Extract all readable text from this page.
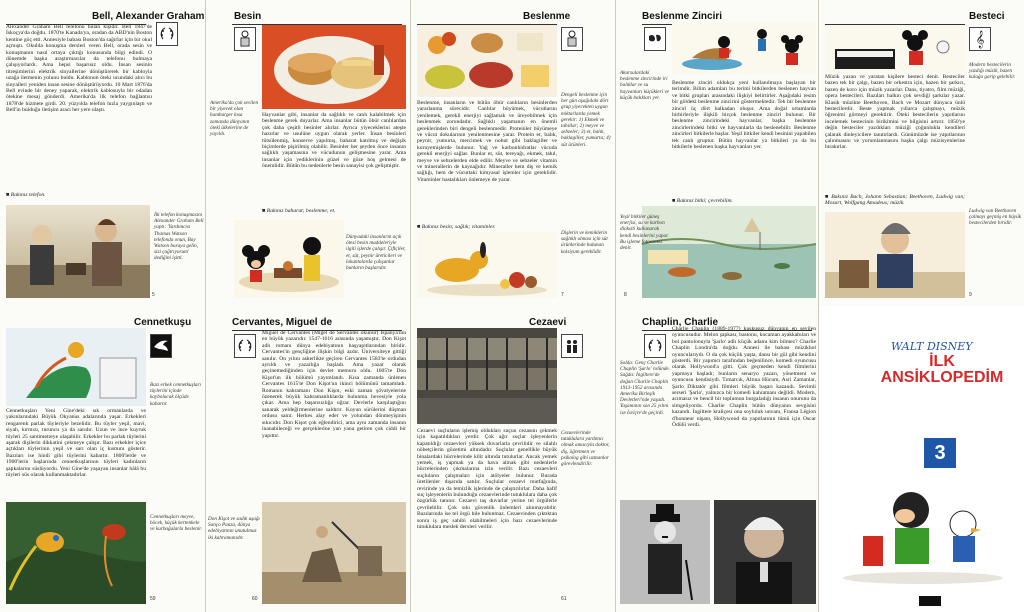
Bell, Alexander Graham
Alexander Graham Bell telefonu bulan kişidir. Bell 1847'de İskoçya'da doğdu. 1870'te Kanada'ya, oradan da ABD'nin Boston kentine göç etti. Annesiyle babası Boston'da sağırlar için bir okul açmıştı. Okulda konuşma dersleri veren Bell, orada sesin ve konuşmanın nasıl ortaya çıktığı konusunda bilgi edindi. O dönemde başka araştırmacılar da telefonu bulmaya çalışıyorlardı. Ama hepsi başarısız oldu. İnsan sesinin titreşimlerini elektrik sinyallerine dönüştürerek bir kabloyla uzağa iletmenin yolunu buldu. Kablonun öteki ucundaki alıcı bu sinyalleri yeniden insan sesine dönüştürüyordu. 10 Mart 1876'da Bell evinde bir deney yaparak, elektrik kablosuyla bir odadan ötekine mesaj gönderdi. Amerika'da ilk telefon bağlantısı 1878'de hizmete girdi. 20. yüzyılda telefon hızla yaygınlaştı ve Bell'in bulduğu iletişim aracı her yere ulaştı.
■ Bakınız telefon.
İlk telefon konuşmasını Alexander Graham Bell yaptı: 'Yardımcısı Thomas Watson telefonda onun, Bay Watson buraya gelin, sizi çağırıyorum' dediğini işitti.
5
Besin
Amerika'da çok sevilen bir yiyecek olan hamburger kısa zamanda dünyanın öteki ülkelerine de yayıldı.
Hayvanlar gibi, insanlar da sağlıklı ve canlı kalabilmek için beslenme gerek duyarlar. Ama insanlar bütün öbür canlılardan çok daha çeşitli besinler alırlar. Ayrıca yiyeceklerini ateşte hazırlar ve usulüne uygun olarak yerler. İnsan besinleri tütsülenmiş, konserve yapılmış, baharat katılmış ve değişik biçimlerde pişirilmiş olabilir. Besinler her şeyden önce insanın sağlıklı yaşamasına ve vücudunun gelişmesine yarar. Ama insanlar için yediklerinin güzel ve göze hoş gelmesi de önemlidir. Bütün bu nedenlerle besin sanayisi çok gelişmiştir.
■ Bakınız baharat; beslenme; et.
Dünyadaki insanların açık ötesi besin maddeleriyle ilgili işlerde çalışır. Çiftçiler, et, süt, peynir üreticileri ve lokantalarda çalışanlar bunların başlarıdır.
Beslenme
Dengeli beslenme için her gün aşağıdaki dört grup yiyecekten uygun miktarlarda yemek gerekir: 1) Ekmek ve tahıllar; 2) meyve ve sebzeler; 3) et, balık, baklagiller, yumurta; 4) süt ürünleri.
Beslenme, insanların ve bütün öbür canlıların besinlerden yararlanma sürecidir. Canlılar büyümek, vücutlarını yenilemek, gerekli enerjiyi sağlamak ve üreyebilmek için beslenmek zorundadır. Sağlıklı yaşamanın en önemli gereklerinden biri dengeli beslenmedir. Proteinler büyümeye ve vücut dokularının yenilenmesine yarar. Protein et, balık, peynir, yumurta, mercimek ve nohut gibi baklagiller ve kuruyemişlerde bulunur. Yağ ve karbonhidratlar vücuda gerekli enerjiyi sağlar. Bunlar et, süt, tereyağı, ekmek, tahıl, meyve ve sebzelerden elde edilir. Meyve ve sebzeler vitamin ve minerallerin de kaynağıdır. Mineraller hem diş ve kemik sağlığı, hem de vücuttaki kimyasal işlemler için gereklidir. Vitaminler hastalıkları önlemeye de yarar.
■ Bakınız besin; sağlık; vitaminler.
Dişlerin ve kemiklerin sağlıklı olması için süt ürünlerinde bulunan kalsiyum gereklidir.
7
Beslenme Zinciri
Akarsulardaki beslenme zincirinde iri balıklar ve su hayvanları küçükleri ve küçük balıkları yer.
Beslenme zinciri oldukça yeni kullanılmaya başlayan bir terimdir. Bilim adamları bu terimi bitkilerden beslenen hayvan ve bitki grupları arasındaki ilişkiyi belirtirler. Aşağıdaki resim bir göldeki beslenme zincirini göstermektedir. Tek bir beslenme zinciri üç dört halkadan oluşur. Ama doğal ortamlarda birbirleriyle ilişkili birçok beslenme zinciri bulunur. Bir beslenme zincirindeki hayvanlar, başka beslenme zincirlerindeki bitki ve hayvanlarla da beslenebilir. Beslenme zincirleri bitkilerle başlar. Yeşil bitkiler kendi besinini yapabilen tek canlı gruptur. Bütün hayvanlar ya bitkileri ya da bu bitkilerle beslenen başka hayvanları yer.
■ Bakınız bitki; çevrebilim.
Yeşil bitkiler güneş enerjisi, su ve karbon dioksiti kullanarak kendi besinlerini yapar. Bu işleme fotosentez denir.
8
Besteci
𝄞
Modern bestecilerin yazdığı müzik, bazen kulağa garip gelebilir.
Müzik yazan ve yaratan kişilere besteci denir. Besteciler bazen tek bir çalgı, bazen bir orkestra için, bazen bir şarkıcı, bazen de koro için müzik yazarlar. Dans, tiyatro, film müziği, opera bestecileri. Bazıları halkın çok sevdiği şarkılar yazar. Klasik müzikte Beethoven, Bach ve Mozart dünyaca ünlü bestecilerdir. Beste yapmak yıllarca çalışmayı, müzik öğrenimi görmeyi gerektirir. Öteki bestecilerin yapıtlarını incelemek bestecinin birikimini ve bilgisini artırır. 1850'ye değin besteciler yazdıkları müziği çoğunlukla kendileri çalarak dinleyicilere tanıtırlardı. Günümüzde ise yapıtlarının çalınmasını ve yorumlanmasını başka çalgı müzisyenlerine bırakırlar.
■ Bakınız Bach, Johann Sebastian; Beethoven, Ludwig van; Mozart, Wolfgang Amadeus; müzik.
Ludwig van Beethoven çalmayı geçmiş en büyük bestecilerden biridir.
9
Cennetkuşu
Bazı erkek cennetkuşları tüylerini içinde kaybolacak ölçüde kabartır.
Cennetkuşları Yeni Gine'deki sık ormanlarda ve yakınlarındaki Büyük Okyanus adalarında yaşar. Erkekleri rengarenk parlak tüyleriyle bezelidir. Bu tüyler yeşil, mavi, siyah, kırmızı, turuncu ya da sarıdır. Uzun ve ince kuyruk tüyleri 25 santimetreye ulaşabilir. Erkekler bu parlak tüylerini aşarak dişilerin dikkatini çekmeye çalışır. Bazı erkekler içice açtıkları tüylerinin yeşil ve sarı olan iç kısmını gösterir. Bazıları ise hindi gibi tüylerini kabartır. 1800'lerde ve 1900'lerin başlarında cennetkuşlarının tüyleri kadınların şapkalarını süslüyordu. Yeni Gine'de yaşayan insanlar hâlâ bu tüyleri süs olarak kullanmaktadırlar.
Cennetkuşları meyve, böcek, küçük kertenkele ve kurbağalarla beslenir.
59
Cervantes, Miguel de
Miguel de Cervantes (Migel de Servantes okunur) İspanya'nın en büyük yazarıdır. 1547-1616 arasında yaşamıştır. Don Kişot adlı romanı dünya edebiyatının başyapıtlarından biridir. Cervantes'in gençliğine ilişkin bilgi azdır. Üniversiteye gittiği sanılır. On yılını askerlikte geçiren Cervantes 1583'te ordudan ayrıldı ve yazarlığa başladı. Ama yazar olarak geçinemediğinden için devlet memuru oldu. 1605'te Don Kişot'un ilk bölümü yayımlandı. Kısa zamanda ünlenen Cervantes 1615'te Don Kişot'un ikinci bölümünü tamamladı. Romanın kahramanı Don Kişot, eski zaman şövalyelerine özenerek büyük kahramanlıklarda bulunma hevesiyle yola çıkar. Ama hep başarısızlığa uğrar. Devlerle karşılaştığını sanarak yeldeğirmenlerine saldırır. Koyun sürülerini düşman ordusu sanır. Herkes alay eder ve yolundan dönmeyişinin sıkıcıdır. Don Kişot çok eğlendirici, ama aynı zamanda insanın inanabileceği ve gerçeklerine yan yana getiren çok ciddi bir yapıttır.
Don Kişot ve sadık uşağı Sanço Panza, dünya edebiyatının unutulmaz iki kahramanıdır.
60
Cezaevi
Cezaevi suçluların işlemiş oldukları suçun cezasını çekmek için kapatıldıkları yerdir. Çok ağır suçlar işleyenlerin kapatıldığı cezaevleri yüksek duvarlarla çevrilidir ve silahlı nöbetçilerin gözetimi altındadır. Suçlular genellikle büyük binalardaki hücrelerinde kilit altında tutulurlar. Ancak yemek yemek, iş yapmak ya da hava almak gibi nedenlerle hücrelerinden çıkmalarına izin verilir. Bazı cezaevleri suçluların çalışmaları için atölyeler bulunur. Burada üretilenler dışarıda satılır. Suçlular cezaevi mutfağında, revirinde ya da temizlik işlerinde de çalıştırılırlar. Daha hafif suç işleyenlerin bulunduğu cezaevlerinde tutuklulara daha çok özgürlük tanınır. Cezaevi taş duvarlar yerine tel örgülerle çevrilebilir. Çok sıkı güvenlik önlemleri alınmayabilir. Bazılarında ise tel örgü bile bulunmaz. Cezaevinden çıktıktan sonra iş geç sahibi olabilmeleri için bazı cezaevlerinde tutuklulara meslek dersleri verilir.
Cezaevlerinde tutuklulara yardımcı olmak amacıyla doktor, diş, öğretmen ve psikolog gibi uzmanlar görevlendirilir.
61
Chaplin, Charlie
Charlie Chaplin (1889-1977) kuşkusuz dünyanın en sevilen oyuncusudur. Melon şapkası, bastonu, kocaman ayakkabıları ve bol pantolonuyla 'Şarlo' adlı küçük adamı kim bilmez? Charlie Chaplin Londra'da doğdu. Annesi ile babası müzikhol oyuncularıydı. O da çok küçük yaşta, dansı bir gül gibi kendini gösterdi. Bir yapımcı tarafından beğenilince, komedi oyuncusu olarak Hollywood'a gitti. Çok geçmeden kendi filmlerini yapmaya başladı; bunların senaryo yazarı, yönetmeni ve oyuncusu kendisiydi. Tımarcık, Altına Hücum, Asri Zamanlar, Şarlo Diktatör gibi filmleri büyük başarı kazandı. Sevimli serseri 'Şarlo', yalnızca bir komedi kahramanı değildi. Modern, acımasız ve bencil bir toplumun burgaladığı insanın onurunu da simgeliyordu. Charlie Chaplin bütün dünyanın sevgisini kazandı. İngiltere kraliçesi ona soyluluk unvanı, Fransa Légion d'honneur nişanı, Hollywood da yapıtlarının tümü için Oscar Ödülü verdi.
Solda: Genç Charlie Chaplin 'Şarlo' rolünde. Sağda: İngiltere'de doğan Charlie Chaplin 1913-1952 arasında Amerika Birleşik Devletleri'nde yaşadı. Yaşamının son 25 yılını ise İsviçre'de geçirdi.
WALT DISNEY
İLK ANSİKLOPEDİM
3
